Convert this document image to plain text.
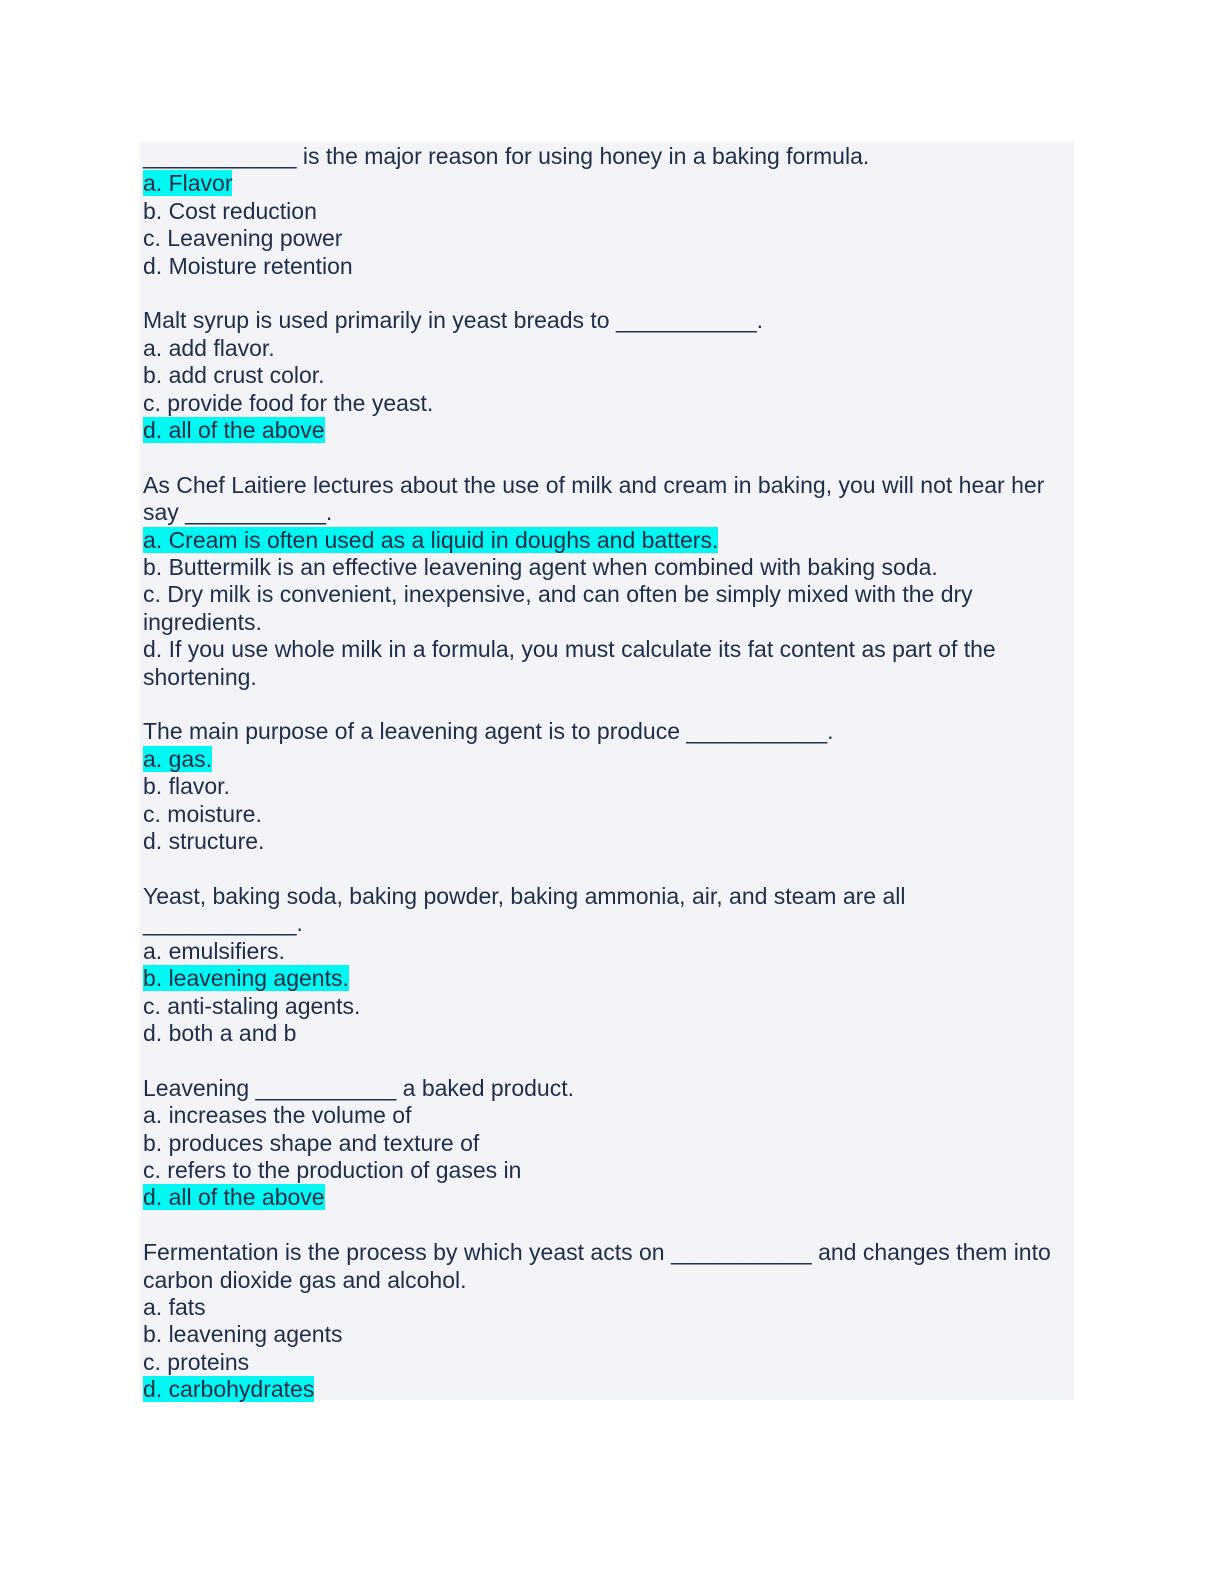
____________ is the major reason for using honey in a baking formula.
a. Flavor
b. Cost reduction
c. Leavening power
d. Moisture retention
Malt syrup is used primarily in yeast breads to ___________.
a. add flavor.
b. add crust color.
c. provide food for the yeast.
d. all of the above
As Chef Laitiere lectures about the use of milk and cream in baking, you will not hear her say ___________.
a. Cream is often used as a liquid in doughs and batters.
b. Buttermilk is an effective leavening agent when combined with baking soda.
c. Dry milk is convenient, inexpensive, and can often be simply mixed with the dry ingredients.
d. If you use whole milk in a formula, you must calculate its fat content as part of the shortening.
The main purpose of a leavening agent is to produce ___________.
a. gas.
b. flavor.
c. moisture.
d. structure.
Yeast, baking soda, baking powder, baking ammonia, air, and steam are all ____________.
a. emulsifiers.
b. leavening agents.
c. anti-staling agents.
d. both a and b
Leavening ___________ a baked product.
a. increases the volume of
b. produces shape and texture of
c. refers to the production of gases in
d. all of the above
Fermentation is the process by which yeast acts on ___________ and changes them into carbon dioxide gas and alcohol.
a. fats
b. leavening agents
c. proteins
d. carbohydrates
